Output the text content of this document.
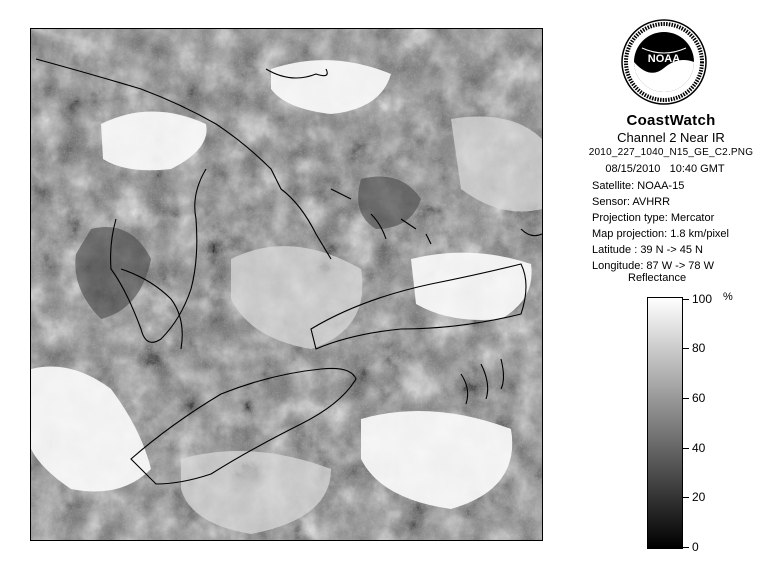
NOAA
CoastWatch
Channel 2 Near IR
2010_227_1040_N15_GE_C2.PNG
08/15/2010   10:40 GMT
Satellite: NOAA-15
Sensor: AVHRR
Projection type: Mercator
Map projection: 1.8 km/pixel
Latitude : 39 N -> 45 N
Longitude: 87 W -> 78 W
Reflectance
%
100
80
60
40
20
0
